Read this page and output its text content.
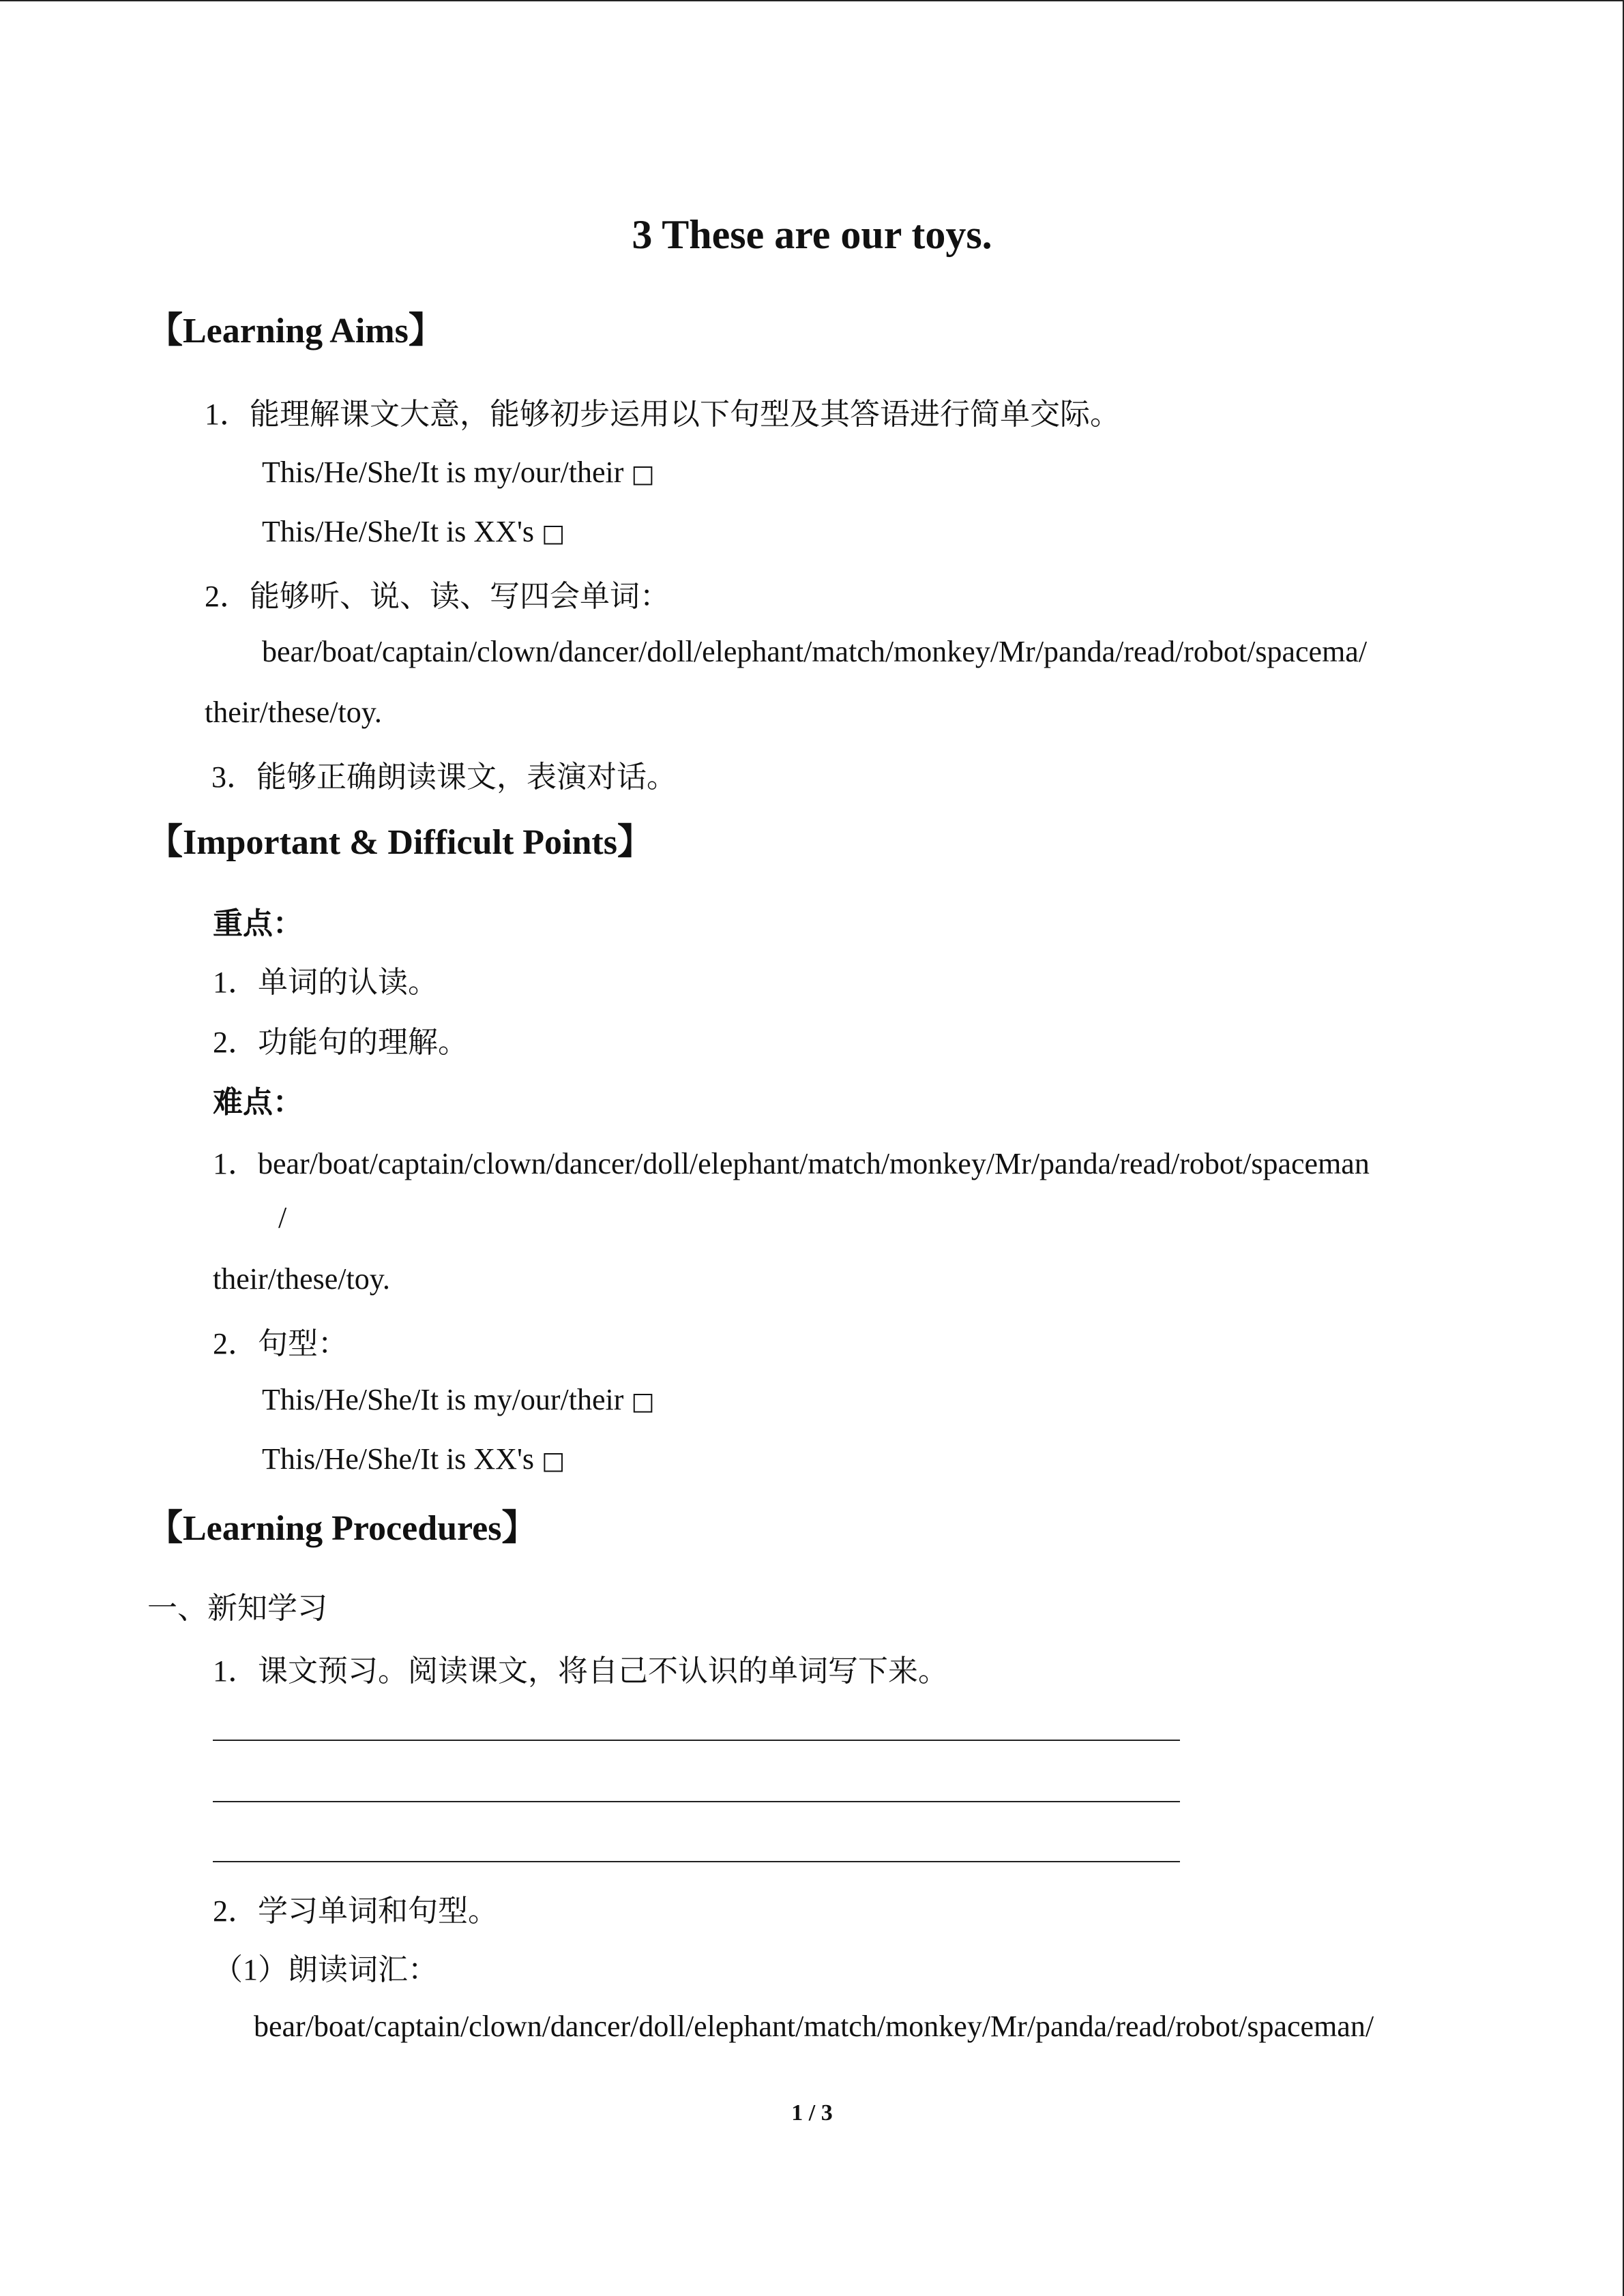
3 These are our toys.
【Learning Aims】
1．能理解课文大意，能够初步运用以下句型及其答语进行简单交际。
This/He/She/It is my/our/their □
This/He/She/It is XX's □
2．能够听、说、读、写四会单词：
bear/boat/captain/clown/dancer/doll/elephant/match/monkey/Mr/panda/read/robot/spacema/
their/these/toy.
3．能够正确朗读课文，表演对话。
【Important & Difficult Points】
重点：
1．单词的认读。
2．功能句的理解。
难点：
1．bear/boat/captain/clown/dancer/doll/elephant/match/monkey/Mr/panda/read/robot/spaceman
/
their/these/toy.
2．句型：
This/He/She/It is my/our/their □
This/He/She/It is XX's □
【Learning Procedures】
一、新知学习
1．课文预习。阅读课文，将自己不认识的单词写下来。
2．学习单词和句型。
（1）朗读词汇：
bear/boat/captain/clown/dancer/doll/elephant/match/monkey/Mr/panda/read/robot/spaceman/
1 / 3
